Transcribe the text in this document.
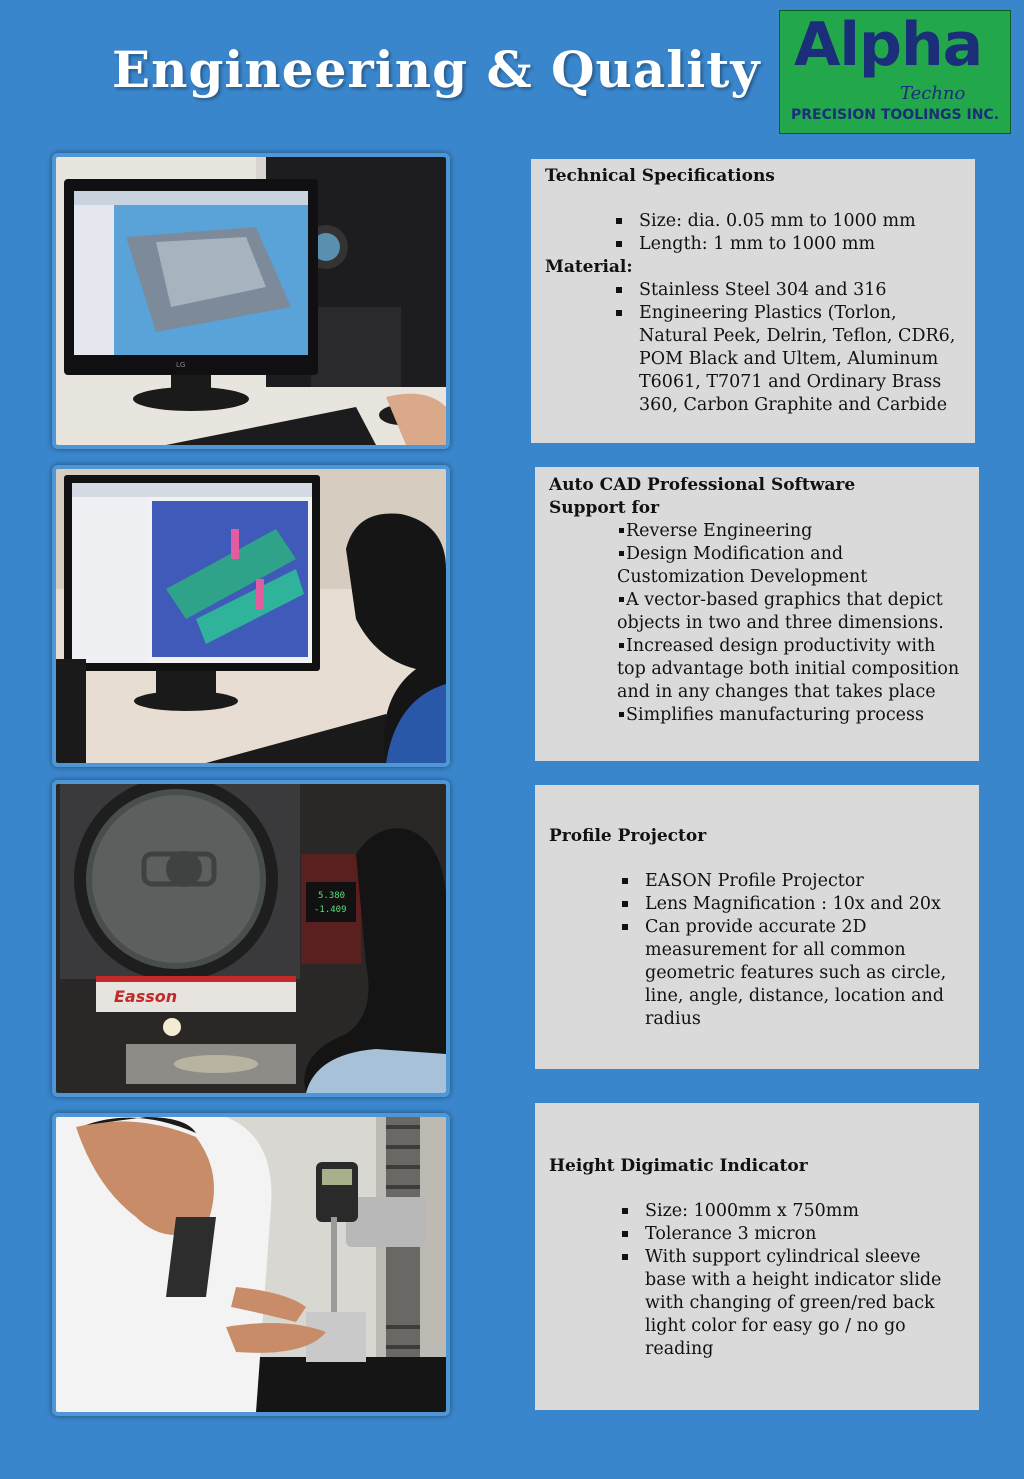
Engineering & Quality Alpha
Techno
PRECISION TOOLINGS INC.
LG
5.380
-1.409
Easson
Technical Specifications
Size: dia. 0.05 mm to 1000 mm
Length: 1 mm to 1000 mm
Material:
Stainless Steel 304 and 316
Engineering Plastics (Torlon, Natural Peek, Delrin, Teflon, CDR6, POM Black and Ultem, Aluminum T6061, T7071 and Ordinary Brass 360, Carbon Graphite and Carbide
Auto CAD Professional Software Support for
Reverse Engineering
Design Modification and Customization Development
A vector-based graphics that depict objects in two and three dimensions.
Increased design productivity with top advantage both initial composition and in any changes that takes place
Simplifies manufacturing process
Profile Projector
EASON Profile Projector
Lens Magnification : 10x and 20x
Can provide accurate 2D measurement for all common geometric features such as circle, line, angle, distance, location and radius
Height Digimatic Indicator
Size: 1000mm x 750mm
Tolerance 3 micron
With support cylindrical sleeve base with a height indicator slide with changing of green/red back light color for easy go / no go reading
